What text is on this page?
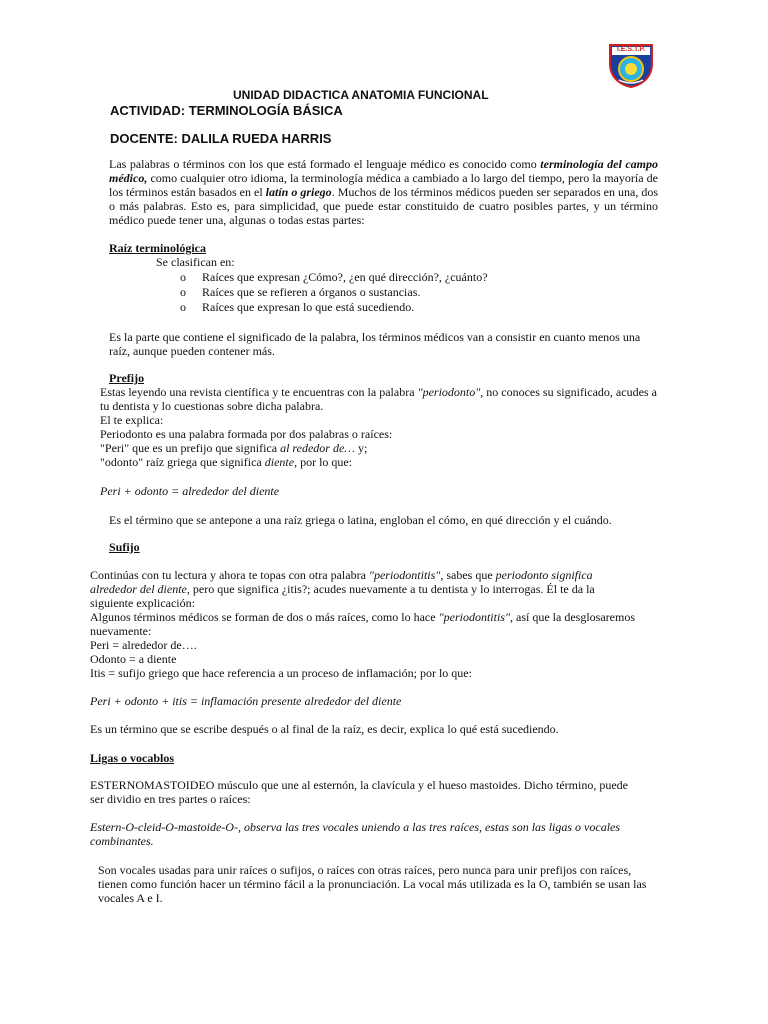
I.E.S.T.P.
UNIDAD DIDACTICA ANATOMIA FUNCIONAL
ACTIVIDAD: TERMINOLOGÍA BÁSICA
DOCENTE: DALILA RUEDA HARRIS
Las palabras o términos con los que está formado el lenguaje médico es conocido como terminología del campo médico, como cualquier otro idioma, la terminología médica a cambiado a lo largo del tiempo, pero la mayoría de los términos están basados en el latín o griego. Muchos de los términos médicos pueden ser separados en una, dos o más palabras. Esto es, para simplicidad, que puede estar constituido de cuatro posibles partes, y un término médico puede tener una, algunas o todas estas partes:
Raíz terminológica
Se clasifican en:
o Raíces que expresan ¿Cómo?, ¿en qué dirección?, ¿cuánto?
o Raíces que se refieren a órganos o sustancias.
o Raíces que expresan lo que está sucediendo.
Es la parte que contiene el significado de la palabra, los términos médicos van a consistir en cuanto menos una raíz, aunque pueden contener más.
Prefijo
Estas leyendo una revista científica y te encuentras con la palabra "periodonto", no conoces su significado, acudes a tu dentista y lo cuestionas sobre dicha palabra.
El te explica:
Periodonto es una palabra formada por dos palabras o raíces:
"Peri" que es un prefijo que significa al rededor de… y;
"odonto" raíz griega que significa diente, por lo que:
Peri + odonto = alrededor del diente
Es el término que se antepone a una raíz griega o latina, engloban el cómo, en qué dirección y el cuándo.
Sufijo
Continúas con tu lectura y ahora te topas con otra palabra "periodontitis", sabes que periodonto significa alrededor del diente, pero que significa ¿itis?; acudes nuevamente a tu dentista y lo interrogas. Él te da la siguiente explicación:
Algunos términos médicos se forman de dos o más raíces, como lo hace "periodontitis", así que la desglosaremos nuevamente:
Peri = alrededor de….
Odonto = a diente
Itis = sufijo griego que hace referencia a un proceso de inflamación; por lo que:
Peri + odonto + itis = inflamación presente alrededor del diente
Es un término que se escribe después o al final de la raíz, es decir, explica lo qué está sucediendo.
Ligas o vocablos
ESTERNOMASTOIDEO músculo que une al esternón, la clavícula y el hueso mastoides. Dicho término, puede ser dividio en tres partes o raíces:
Estern-O-cleid-O-mastoide-O-, observa las tres vocales uniendo a las tres raíces, estas son las ligas o vocales combinantes.
Son vocales usadas para unir raíces o sufijos, o raíces con otras raíces, pero nunca para unir prefijos con raíces, tienen como función hacer un término fácil a la pronunciación. La vocal más utilizada es la O, también se usan las vocales A e I.
